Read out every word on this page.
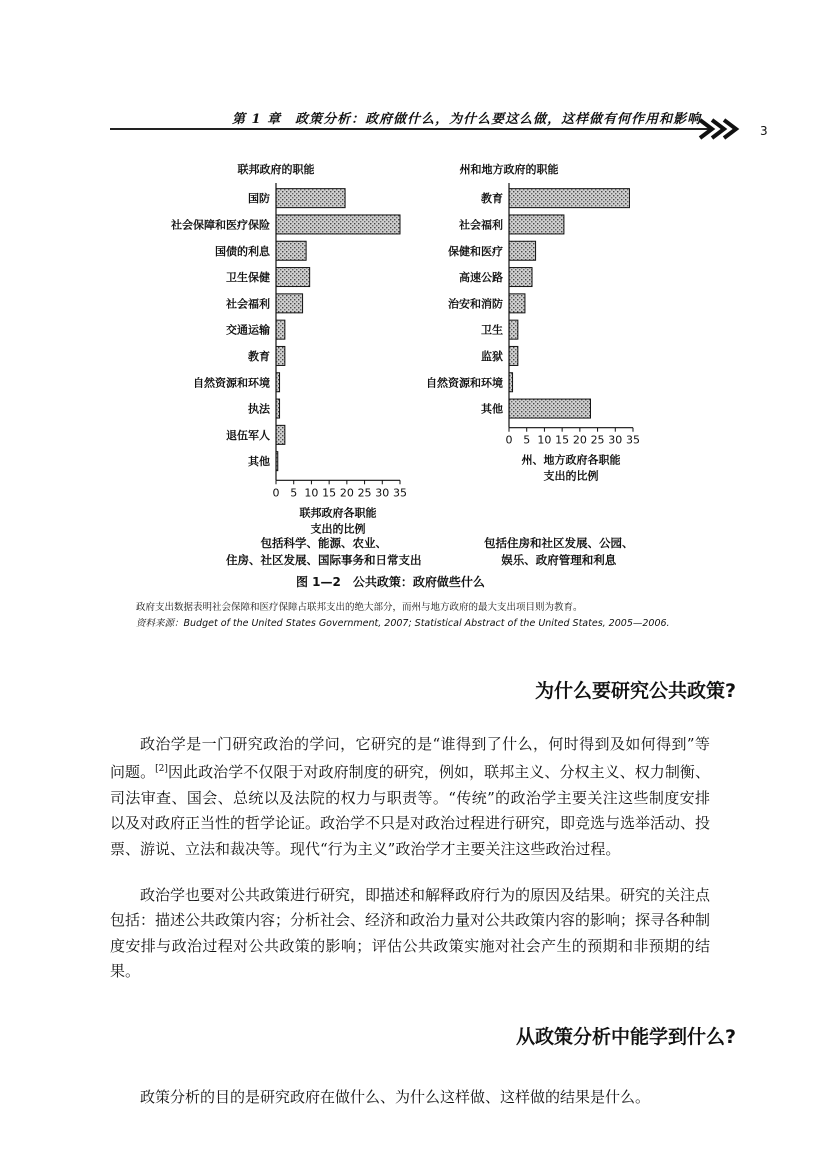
第 1 章　政策分析：政府做什么，为什么要这么做，这样做有何作用和影响
3
联邦政府的职能
国防
社会保障和医疗保险
国债的利息
卫生保健
社会福利
交通运输
教育
自然资源和环境
执法
退伍军人
其他
0 5 10 15 20 25 30 35
联邦政府各职能
支出的比例
州和地方政府的职能
教育
社会福利
保健和医疗
高速公路
治安和消防
卫生
监狱
自然资源和环境
其他
0 5 10 15 20 25 30 35
州、地方政府各职能
支出的比例
包括科学、能源、农业、
住房、社区发展、国际事务和日常支出
包括住房和社区发展、公园、
娱乐、政府管理和利息
图 1—2　公共政策：政府做些什么
政府支出数据表明社会保障和医疗保障占联邦支出的绝大部分，而州与地方政府的最大支出项目则为教育。
资料来源：Budget of the United States Government, 2007; Statistical Abstract of the United States, 2005—2006.
为什么要研究公共政策?

政治学是一门研究政治的学问，它研究的是“谁得到了什么，何时得到及如何得到”等问题。[2]因此政治学不仅限于对政府制度的研究，例如，联邦主义、分权主义、权力制衡、司法审查、国会、总统以及法院的权力与职责等。“传统”的政治学主要关注这些制度安排以及对政府正当性的哲学论证。政治学不只是对政治过程进行研究，即竞选与选举活动、投票、游说、立法和裁决等。现代“行为主义”政治学才主要关注这些政治过程。

政治学也要对公共政策进行研究，即描述和解释政府行为的原因及结果。研究的关注点包括：描述公共政策内容；分析社会、经济和政治力量对公共政策内容的影响；探寻各种制度安排与政治过程对公共政策的影响；评估公共政策实施对社会产生的预期和非预期的结果。

从政策分析中能学到什么?

政策分析的目的是研究政府在做什么、为什么这样做、这样做的结果是什么。
